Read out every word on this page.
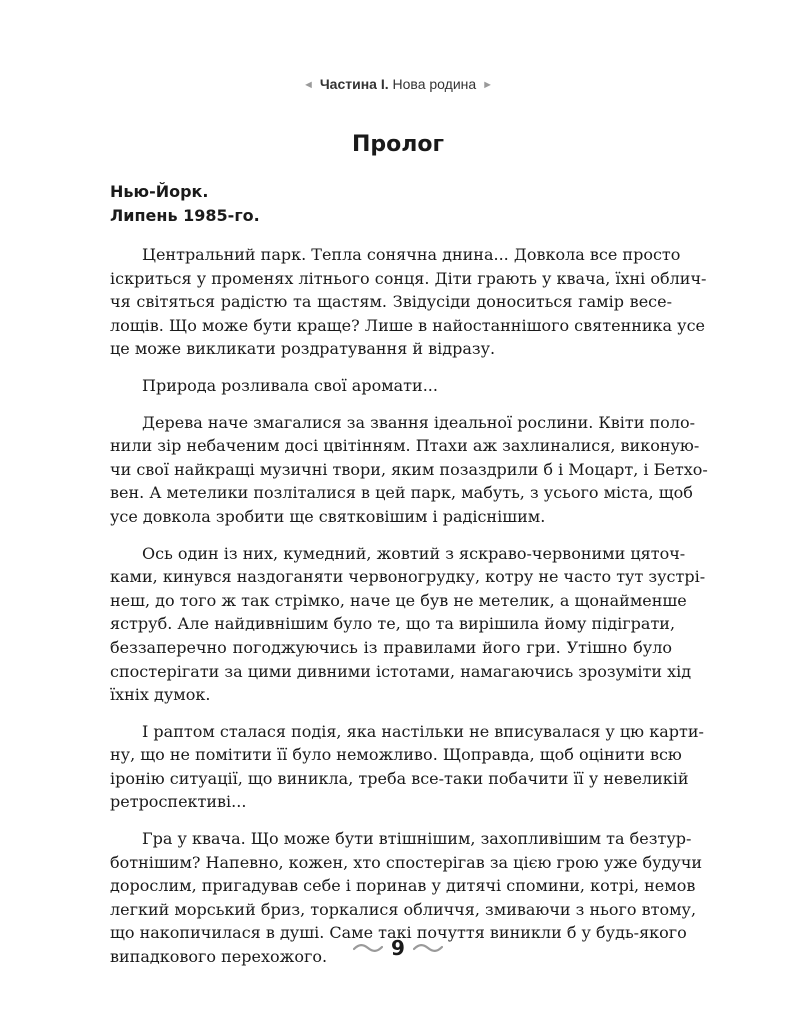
◄ Частина І. Нова родина ►
Пролог
Нью-Йорк.
Липень 1985-го.

Центральний парк. Тепла сонячна днина... Довкола все просто
іскриться у променях літнього сонця. Діти грають у квача, їхні облич-
чя світяться радістю та щастям. Звідусіди доноситься гамір весе-
лощів. Що може бути краще? Лише в найостаннішого святенника усе
це може викликати роздратування й відразу.

Природа розливала свої аромати...

Дерева наче змагалися за звання ідеальної рослини. Квіти поло-
нили зір небаченим досі цвітінням. Птахи аж захлиналися, виконую-
чи свої найкращі музичні твори, яким позаздрили б і Моцарт, і Бетхо-
вен. А метелики позліталися в цей парк, мабуть, з усього міста, щоб
усе довкола зробити ще святковішим і радіснішим.

Ось один із них, кумедний, жовтий з яскраво-червоними цяточ-
ками, кинувся наздоганяти червоногрудку, котру не часто тут зустрі-
неш, до того ж так стрімко, наче це був не метелик, а щонайменше
яструб. Але найдивнішим було те, що та вирішила йому підіграти,
беззаперечно погоджуючись із правилами його гри. Утішно було
спостерігати за цими дивними істотами, намагаючись зрозуміти хід
їхніх думок.

І раптом сталася подія, яка настільки не вписувалася у цю карти-
ну, що не помітити її було неможливо. Щоправда, щоб оцінити всю
іронію ситуації, що виникла, треба все-таки побачити її у невеликій
ретроспективі...

Гра у квача. Що може бути втішнішим, захопливішим та безтур-
ботнішим? Напевно, кожен, хто спостерігав за цією грою уже будучи
дорослим, пригадував себе і поринав у дитячі спомини, котрі, немов
легкий морський бриз, торкалися обличчя, змиваючи з нього втому,
що накопичилася в душі. Саме такі почуття виникли б у будь-якого
випадкового перехожого.	9
